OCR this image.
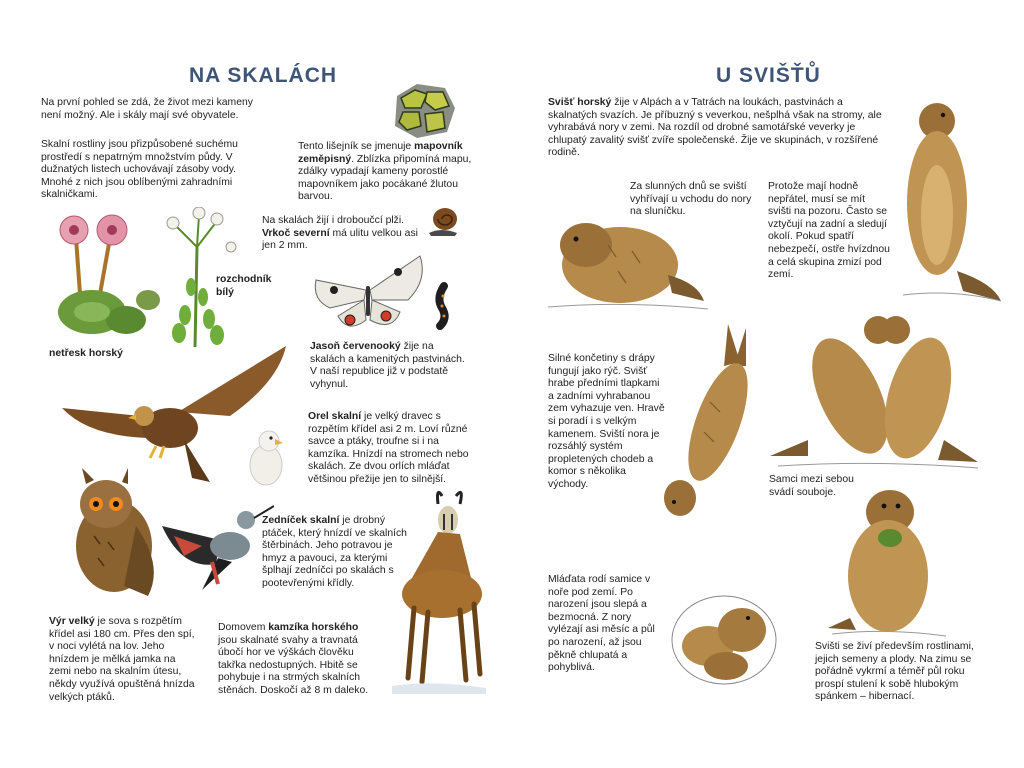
NA SKALÁCH

Na první pohled se zdá, že život mezi kameny není možný. Ale i skály mají své obyvatele.

Skalní rostliny jsou přizpůsobené suchému prostředí s nepatrným množstvím půdy. V dužnatých listech uchovávají zásoby vody. Mnohé z nich jsou oblíbenými zahradními skalničkami.

Tento lišejník se jmenuje mapovník zeměpisný. Zblízka připomíná mapu, zdálky vypadají kameny porostlé mapovníkem jako pocákané žlutou barvou.

Na skalách žijí i droboučcí plži. Vrkoč severní má ulitu velkou asi jen 2 mm.

rozchodník bílý
netřesk horský

Jasoň červenooký žije na skalách a kamenitých pastvinách. V naší republice již v podstatě vyhynul.

Orel skalní je velký dravec s rozpětím křídel asi 2 m. Loví různé savce a ptáky, troufne si i na kamzíka. Hnízdí na stromech nebo skalách. Ze dvou orlích mláďat většinou přežije jen to silnější.

Zedníček skalní je drobný ptáček, který hnízdí ve skalních štěrbinách. Jeho potravou je hmyz a pavouci, za kterými šplhají zedníčci po skalách s pootevřenými křídly.

Výr velký je sova s rozpětím křídel asi 180 cm. Přes den spí, v noci vylétá na lov. Jeho hnízdem je mělká jamka na zemi nebo na skalním útesu, někdy využívá opuštěná hnízda velkých ptáků.

Domovem kamzíka horského jsou skalnaté svahy a travnatá úbočí hor ve výškách člověku takřka nedostupných. Hbitě se pohybuje i na strmých skalních stěnách. Doskočí až 8 m daleko.

U SVIŠŤŮ

Svišť horský žije v Alpách a v Tatrách na loukách, pastvinách a skalnatých svazích. Je příbuzný s veverkou, nešplhá však na stromy, ale vyhrabává nory v zemi. Na rozdíl od drobné samotářské veverky je chlupatý zavalitý svišť zvíře společenské. Žije ve skupinách, v rozšířené rodině.

Za slunných dnů se sviští vyhřívají u vchodu do nory na sluníčku.

Protože mají hodně nepřátel, musí se mít svišti na pozoru. Často se vztyčují na zadní a sledují okolí. Pokud spatří nebezpečí, ostře hvízdnou a celá skupina zmizí pod zemí.

Silné končetiny s drápy fungují jako rýč. Svišť hrabe předními tlapkami a zadními vyhrabanou zem vyhazuje ven. Hravě si poradí i s velkým kamenem. Sviští nora je rozsáhlý systém propletených chodeb a komor s několika východy.	Samci mezi sebou svádí souboje.

Mláďata rodí samice v noře pod zemí. Po narození jsou slepá a bezmocná. Z nory vylézají asi měsíc a půl po narození, až jsou pěkně chlupatá a pohyblivá.

Svišti se živí především rostlinami, jejich semeny a plody. Na zimu se pořádně vykrmí a téměř půl roku prospí stulení k sobě hlubokým spánkem – hibernací.
